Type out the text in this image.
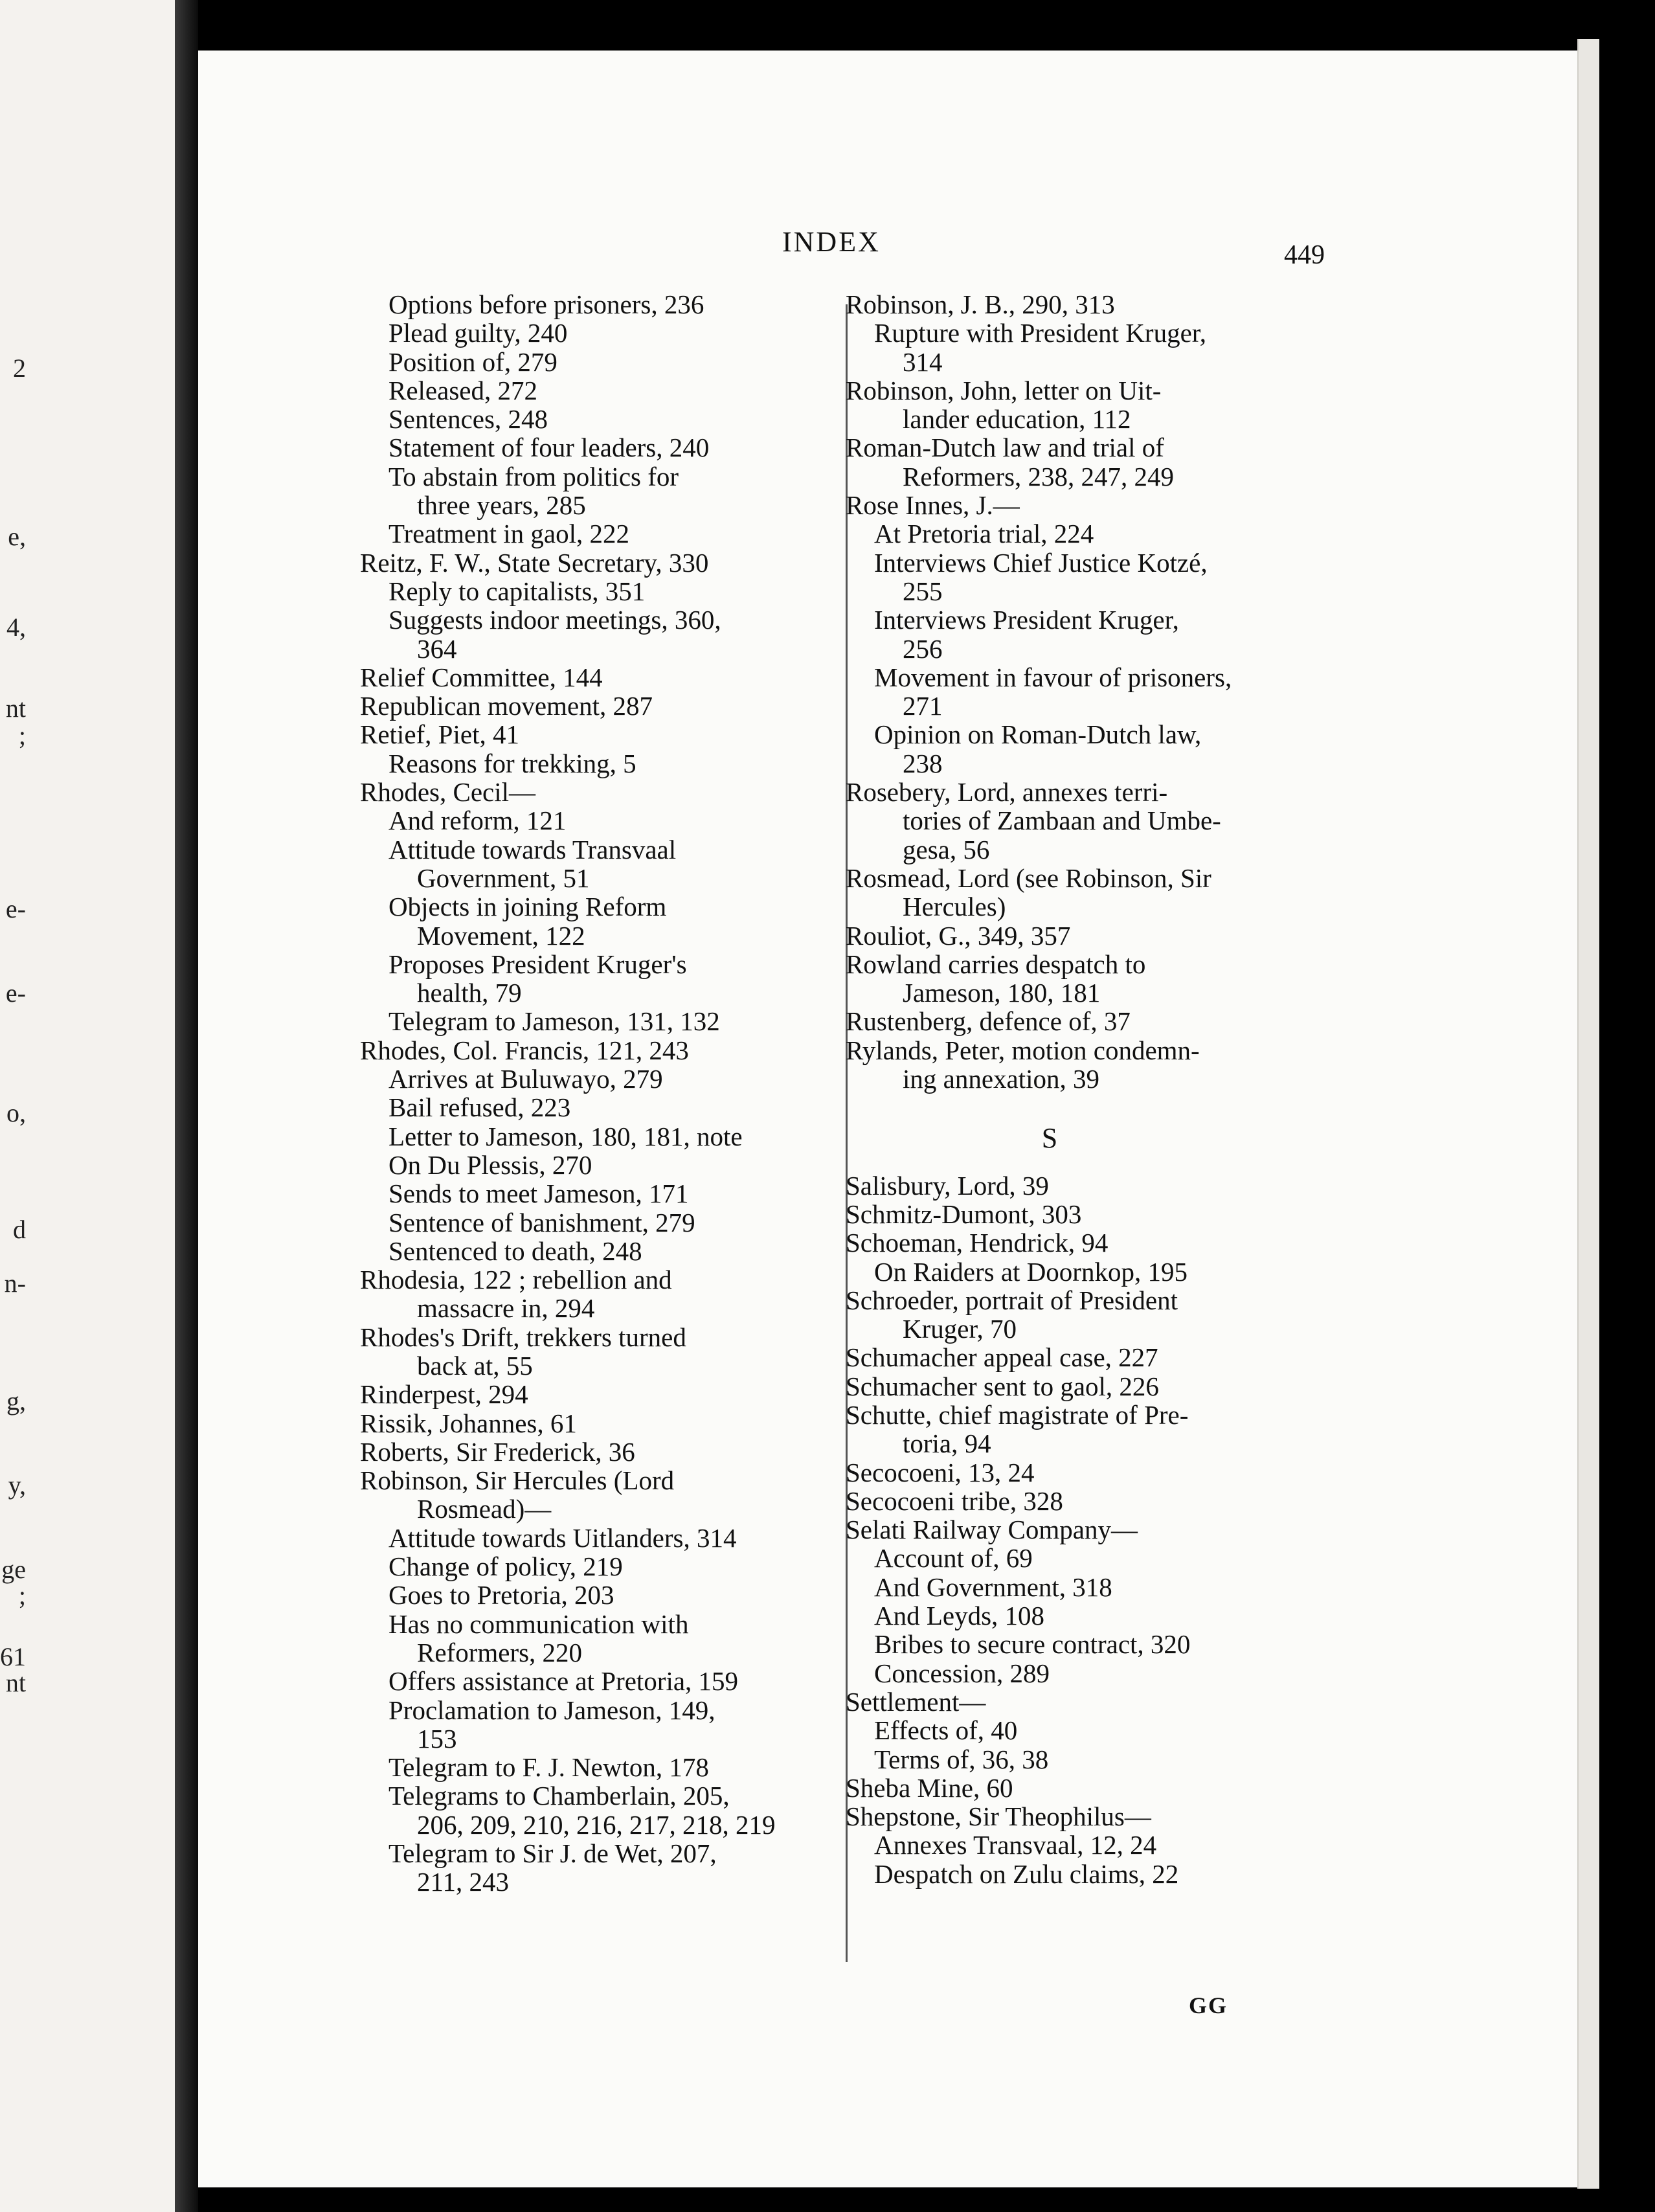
2
e,
4,
nt
;
e-
e-
o,
d
n-
g,
y,
ge
;
61
nt
INDEX	449
Options before prisoners, 236
Plead guilty, 240
Position of, 279
Released, 272
Sentences, 248
Statement of four leaders, 240
To abstain from politics for
three years, 285
Treatment in gaol, 222
Reitz, F. W., State Secretary, 330
Reply to capitalists, 351
Suggests indoor meetings, 360,
364
Relief Committee, 144
Republican movement, 287
Retief, Piet, 41
Reasons for trekking, 5
Rhodes, Cecil—
And reform, 121
Attitude towards Transvaal
Government, 51
Objects in joining Reform
Movement, 122
Proposes President Kruger's
health, 79
Telegram to Jameson, 131, 132
Rhodes, Col. Francis, 121, 243
Arrives at Buluwayo, 279
Bail refused, 223
Letter to Jameson, 180, 181, note
On Du Plessis, 270
Sends to meet Jameson, 171
Sentence of banishment, 279
Sentenced to death, 248
Rhodesia, 122 ; rebellion and
massacre in, 294
Rhodes's Drift, trekkers turned
back at, 55
Rinderpest, 294
Rissik, Johannes, 61
Roberts, Sir Frederick, 36
Robinson, Sir Hercules (Lord
Rosmead)—
Attitude towards Uitlanders, 314
Change of policy, 219
Goes to Pretoria, 203
Has no communication with
Reformers, 220
Offers assistance at Pretoria, 159
Proclamation to Jameson, 149,
153
Telegram to F. J. Newton, 178
Telegrams to Chamberlain, 205,
206, 209, 210, 216, 217, 218, 219
Telegram to Sir J. de Wet, 207,
211, 243
Robinson, J. B., 290, 313
Rupture with President Kruger,
314
Robinson, John, letter on Uit-
lander education, 112
Roman-Dutch law and trial of
Reformers, 238, 247, 249
Rose Innes, J.—
At Pretoria trial, 224
Interviews Chief Justice Kotzé,
255
Interviews President Kruger,
256
Movement in favour of prisoners,
271
Opinion on Roman-Dutch law,
238
Rosebery, Lord, annexes terri-
tories of Zambaan and Umbe-
gesa, 56
Rosmead, Lord (see Robinson, Sir
Hercules)
Rouliot, G., 349, 357
Rowland carries despatch to
Jameson, 180, 181
Rustenberg, defence of, 37
Rylands, Peter, motion condemn-
ing annexation, 39
S
Salisbury, Lord, 39
Schmitz-Dumont, 303
Schoeman, Hendrick, 94
On Raiders at Doornkop, 195
Schroeder, portrait of President
Kruger, 70
Schumacher appeal case, 227
Schumacher sent to gaol, 226
Schutte, chief magistrate of Pre-
toria, 94
Secocoeni, 13, 24
Secocoeni tribe, 328
Selati Railway Company—
Account of, 69
And Government, 318
And Leyds, 108
Bribes to secure contract, 320
Concession, 289
Settlement—
Effects of, 40
Terms of, 36, 38
Sheba Mine, 60
Shepstone, Sir Theophilus—
Annexes Transvaal, 12, 24
Despatch on Zulu claims, 22
GG
